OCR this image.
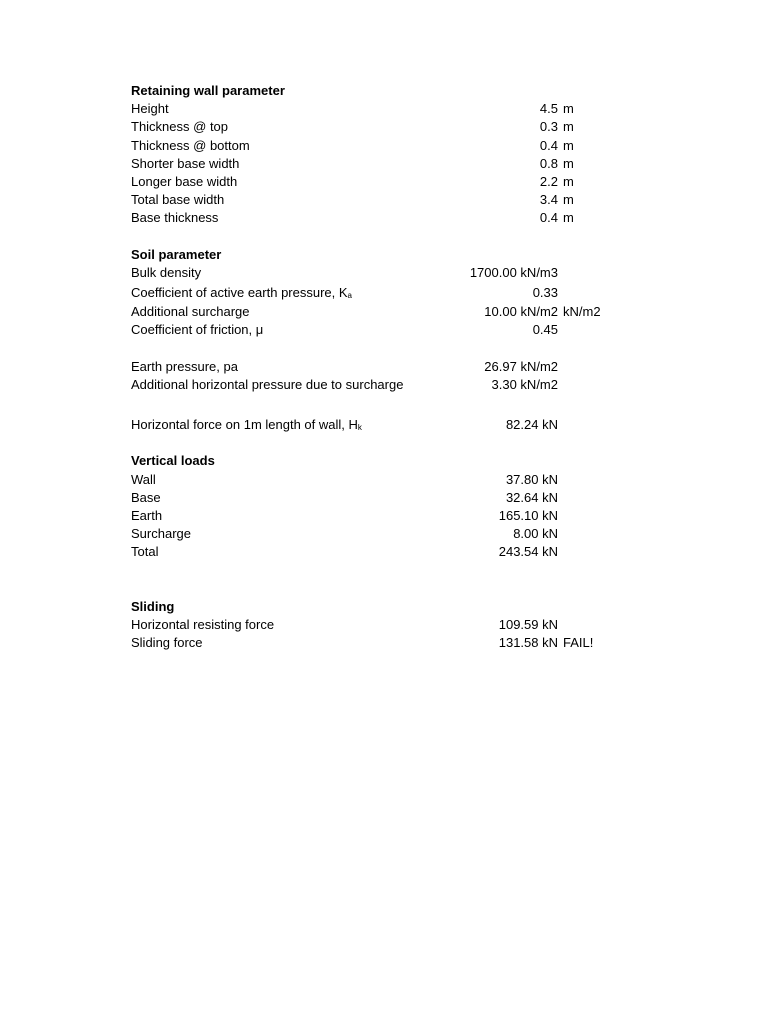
Retaining wall parameter
Height	4.5 m
Thickness @ top	0.3 m
Thickness @ bottom	0.4 m
Shorter base width	0.8 m
Longer base width	2.2 m
Total base width	3.4 m
Base thickness	0.4 m
Soil parameter
Bulk density	1700.00 kN/m3
Coefficient of active earth pressure, $K_a$	0.33
Additional surcharge	10.00 kN/m2 kN/m2
Coefficient of friction, μ	0.45
Earth pressure, pa	26.97 kN/m2
Additional horizontal pressure due to surcharge	3.30 kN/m2
Horizontal force on 1m length of wall, $H_k$	82.24 kN
Vertical loads
Wall	37.80 kN
Base	32.64 kN
Earth	165.10 kN
Surcharge	8.00 kN
Total	243.54 kN
Sliding
Horizontal resisting force	109.59 kN
Sliding force	131.58 kN FAIL!
